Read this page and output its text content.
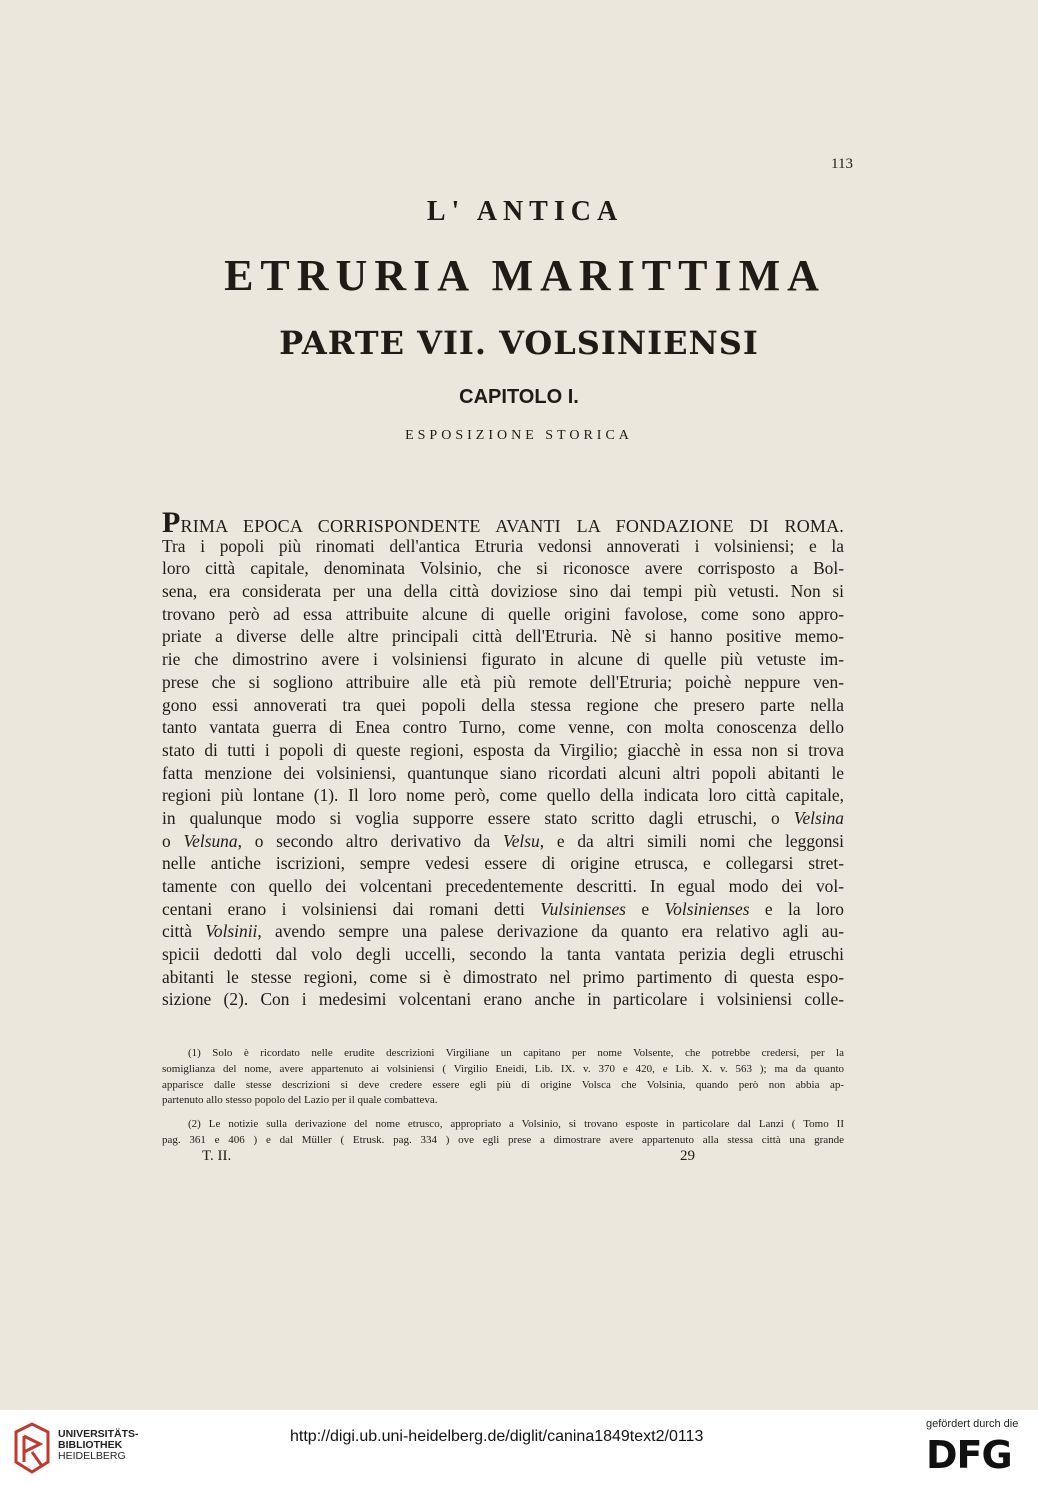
113
L' ANTICA
ETRURIA MARITTIMA
PARTE VII. VOLSINIENSI
CAPITOLO I.
ESPOSIZIONE STORICA
PRIMA EPOCA CORRISPONDENTE AVANTI LA FONDAZIONE DI ROMA.
Tra i popoli più rinomati dell'antica Etruria vedonsi annoverati i volsiniensi; e la
loro città capitale, denominata Volsinio, che si riconosce avere corrisposto a Bol-
sena, era considerata per una della città doviziose sino dai tempi più vetusti. Non si
trovano però ad essa attribuite alcune di quelle origini favolose, come sono appro-
priate a diverse delle altre principali città dell'Etruria. Nè si hanno positive memo-
rie che dimostrino avere i volsiniensi figurato in alcune di quelle più vetuste im-
prese che si sogliono attribuire alle età più remote dell'Etruria; poichè neppure ven-
gono essi annoverati tra quei popoli della stessa regione che presero parte nella
tanto vantata guerra di Enea contro Turno, come venne, con molta conoscenza dello
stato di tutti i popoli di queste regioni, esposta da Virgilio; giacchè in essa non si trova
fatta menzione dei volsiniensi, quantunque siano ricordati alcuni altri popoli abitanti le
regioni più lontane (1). Il loro nome però, come quello della indicata loro città capitale,
in qualunque modo si voglia supporre essere stato scritto dagli etruschi, o Velsina
o Velsuna, o secondo altro derivativo da Velsu, e da altri simili nomi che leggonsi
nelle antiche iscrizioni, sempre vedesi essere di origine etrusca, e collegarsi stret-
tamente con quello dei volcentani precedentemente descritti. In egual modo dei vol-
centani erano i volsiniensi dai romani detti Vulsinienses e Volsinienses e la loro
città Volsinii, avendo sempre una palese derivazione da quanto era relativo agli au-
spicii dedotti dal volo degli uccelli, secondo la tanta vantata perizia degli etruschi
abitanti le stesse regioni, come si è dimostrato nel primo partimento di questa espo-
sizione (2). Con i medesimi volcentani erano anche in particolare i volsiniensi colle-
(1) Solo è ricordato nelle erudite descrizioni Virgiliane un capitano per nome Volsente, che potrebbe credersi, per la
somiglianza del nome, avere appartenuto ai volsiniensi ( Virgilio Eneidi, Lib. IX. v. 370 e 420, e Lib. X. v. 563 ); ma da quanto
apparisce dalle stesse descrizioni si deve credere essere egli più di origine Volsca che Volsinia, quando però non abbia ap-
partenuto allo stesso popolo del Lazio per il quale combatteva.
(2) Le notizie sulla derivazione del nome etrusco, appropriato a Volsinio, si trovano esposte in particolare dal Lanzi ( Tomo II
pag. 361 e 406 ) e dal Müller ( Etrusk. pag. 334 ) ove egli prese a dimostrare avere appartenuto alla stessa città una grande
T. II.	29
UNIVERSITÄTS-
BIBLIOTHEK
HEIDELBERG
http://digi.ub.uni-heidelberg.de/diglit/canina1849text2/0113
gefördert durch die
DFG
